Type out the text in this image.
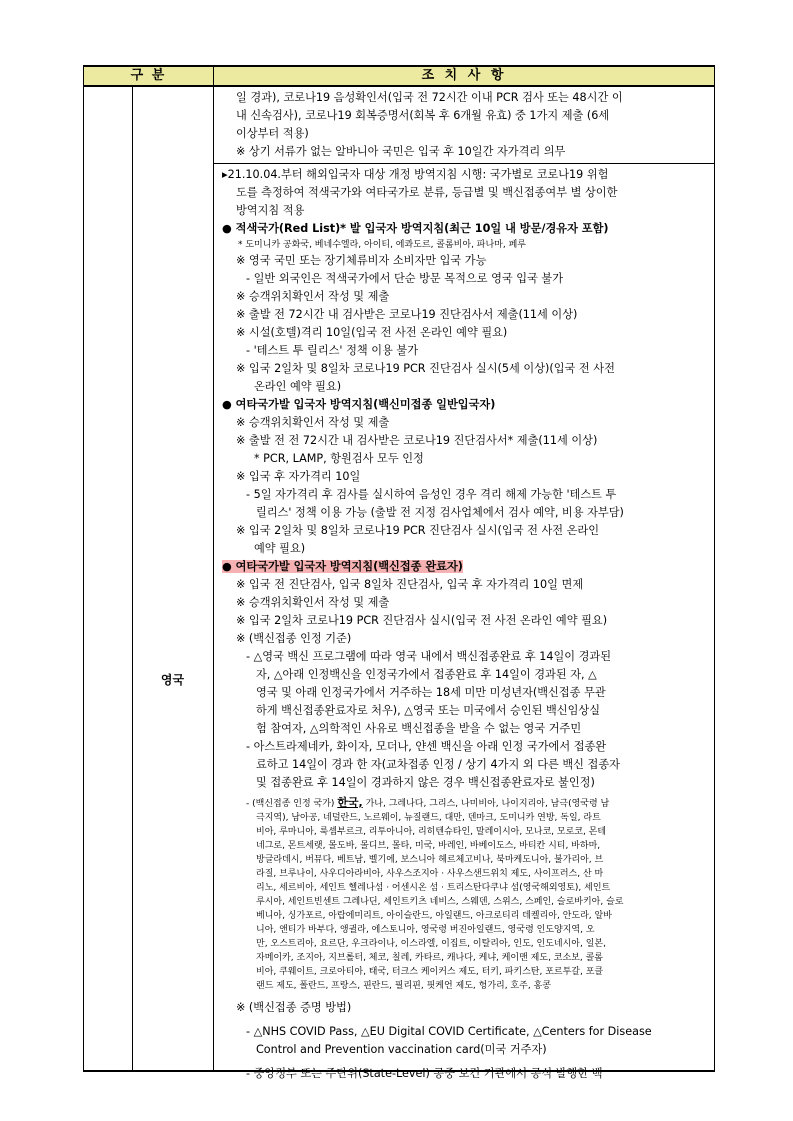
구 분	조 치 사 항
영국

일 경과), 코로나19 음성확인서(입국 전 72시간 이내 PCR 검사 또는 48시간 이

내 신속검사), 코로나19 회복증명서(회복 후 6개월 유효) 중 1가지 제출 (6세

이상부터 적용)

※ 상기 서류가 없는 알바니아 국민은 입국 후 10일간 자가격리 의무

▸21.10.04.부터 해외입국자 대상 개정 방역지침 시행: 국가별로 코로나19 위험

도를 측정하여 적색국가와 여타국가로 분류, 등급별 및 백신접종여부 별 상이한

방역지침 적용

● 적색국가(Red List)* 발 입국자 방역지침(최근 10일 내 방문/경유자 포함)

* 도미니카 공화국, 베네수엘라, 아이티, 에콰도르, 콜롬비아, 파나마, 페루

※ 영국 국민 또는 장기체류비자 소비자만 입국 가능

- 일반 외국인은 적색국가에서 단순 방문 목적으로 영국 입국 불가

※ 승객위치확인서 작성 및 제출

※ 출발 전 72시간 내 검사받은 코로나19 진단검사서 제출(11세 이상)

※ 시설(호텔)격리 10일(입국 전 사전 온라인 예약 필요)

- '테스트 투 릴리스' 정책 이용 불가

※ 입국 2일차 및 8일차 코로나19 PCR 진단검사 실시(5세 이상)(입국 전 사전

온라인 예약 필요)

● 여타국가발 입국자 방역지침(백신미접종 일반입국자)

※ 승객위치확인서 작성 및 제출

※ 출발 전 전 72시간 내 검사받은 코로나19 진단검사서* 제출(11세 이상)

* PCR, LAMP, 항원검사 모두 인정

※ 입국 후 자가격리 10일

- 5일 자가격리 후 검사를 실시하여 음성인 경우 격리 해제 가능한 '테스트 투

릴리스' 정책 이용 가능 (출발 전 지정 검사업체에서 검사 예약, 비용 자부담)

※ 입국 2일차 및 8일차 코로나19 PCR 진단검사 실시(입국 전 사전 온라인

예약 필요)

● 여타국가발 입국자 방역지침(백신접종 완료자)

※ 입국 전 진단검사, 입국 8일차 진단검사, 입국 후 자가격리 10일 면제

※ 승객위치확인서 작성 및 제출

※ 입국 2일차 코로나19 PCR 진단검사 실시(입국 전 사전 온라인 예약 필요)

※ (백신접종 인정 기준)

- △영국 백신 프로그램에 따라 영국 내에서 백신접종완료 후 14일이 경과된

자, △아래 인정백신을 인정국가에서 접종완료 후 14일이 경과된 자, △

영국 및 아래 인정국가에서 거주하는 18세 미만 미성년자(백신접종 무관

하게 백신접종완료자로 처우), △영국 또는 미국에서 승인된 백신임상실

험 참여자, △의학적인 사유로 백신접종을 받을 수 없는 영국 거주민

- 아스트라제네카, 화이자, 모더나, 얀센 백신을 아래 인정 국가에서 접종완

료하고 14일이 경과 한 자(교차접종 인정 / 상기 4가지 외 다른 백신 접종자

및 접종완료 후 14일이 경과하지 않은 경우 백신접종완료자로 불인정)

- (백신접종 인정 국가) 한국, 가나, 그레나다, 그리스, 나미비아, 나이지리아, 남극(영국령 남

극지역), 남아공, 네덜란드, 노르웨이, 뉴질랜드, 대만, 덴마크, 도미니카 연방, 독일, 라트

비아, 루마니아, 룩셈부르크, 리투아니아, 리히텐슈타인, 말레이시아, 모나코, 모로코, 몬테

네그로, 몬트세랫, 몰도바, 몰디브, 몰타, 미국, 바레인, 바베이도스, 바티칸 시티, 바하마,

방글라데시, 버뮤다, 베트남, 벨기에, 보스니아 헤르체고비나, 북마케도니아, 불가리아, 브

라질, 브루나이, 사우디아라비아, 사우스조지아 · 사우스샌드위치 제도, 사이프러스, 산 마

리노, 세르비아, 세인트 헬레나섬 · 어센시온 섬 · 트리스탄다쿠냐 섬(영국해외영토), 세인트

루시아, 세인트빈센트 그레나딘, 세인트키츠 네비스, 스웨덴, 스위스, 스페인, 슬로바키아, 슬로

베니아, 싱가포르, 아랍에미리트, 아이슬란드, 아일랜드, 아크로티리 데켈리아, 안도라, 알바

니아, 앤티가 바부다, 앵귈라, 에스토니아, 영국령 버진아일랜드, 영국령 인도양지역, 오

만, 오스트리아, 요르단, 우크라이나, 이스라엘, 이집트, 이탈리아, 인도, 인도네시아, 일본,

자메이카, 조지아, 지브롤터, 체코, 칠레, 카타르, 캐나다, 케냐, 케이맨 제도, 코소보, 콜롬

비아, 쿠웨이트, 크로아티아, 태국, 터크스 케이커스 제도, 터키, 파키스탄, 포르투갈, 포클

랜드 제도, 폴란드, 프랑스, 핀란드, 필리핀, 핏케언 제도, 헝가리, 호주, 홍콩

※ (백신접종 증명 방법)

- △NHS COVID Pass, △EU Digital COVID Certificate, △Centers for Disease

Control and Prevention vaccination card(미국 거주자)

- 중앙정부 또는 주단위(State-Level) 공중 보건 기관에서 공식 발행한 백
